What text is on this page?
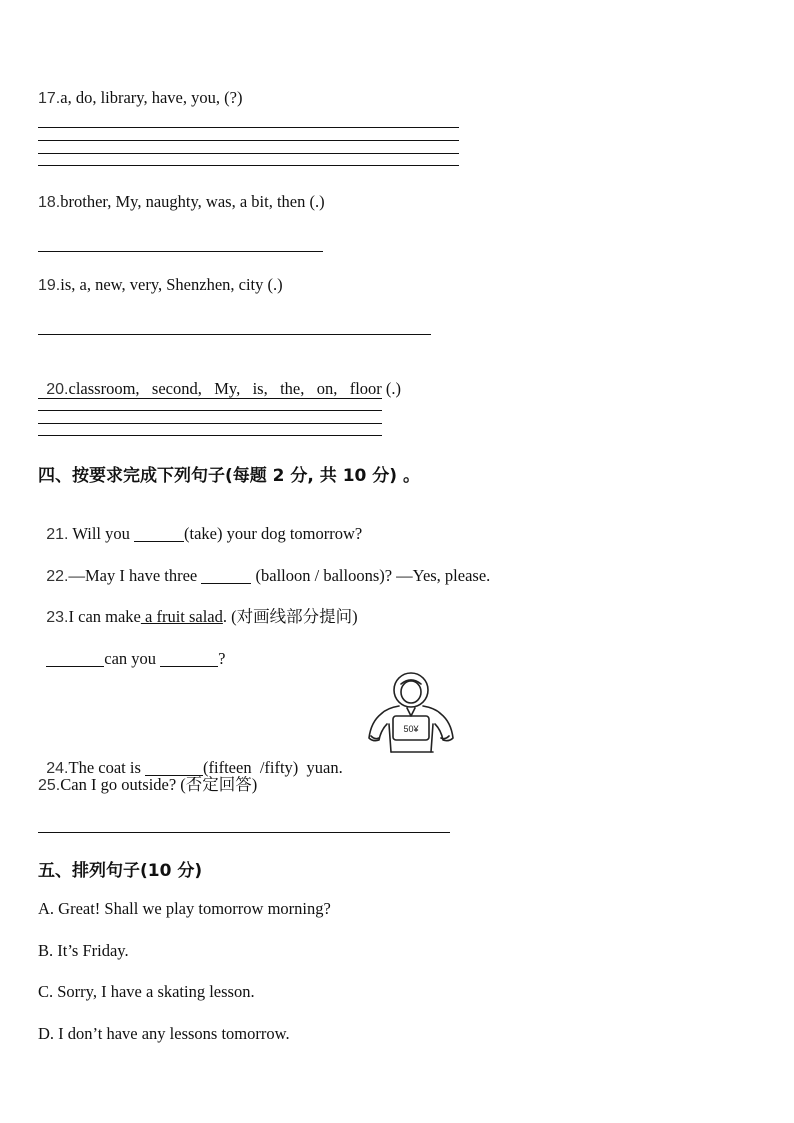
17.a, do, library, have, you, (?)
18.brother, My, naughty, was, a bit, then (.)
19.is, a, new, very, Shenzhen, city (.)

20.classroom,   second,   My,   is,   the,   on,   floor (.)

四、按要求完成下列句子(每题 2 分, 共 10 分) 。

21. Will you	(take) your dog tomorrow?

22.—May I have three	(balloon / balloons)? —Yes, please.

23.I can make a fruit salad. (对画线部分提问)

can you	?

50¥

24.The coat is	(fifteen  /fifty)  yuan.

25.Can I go outside? (否定回答)
五、排列句子(10 分)
A. Great! Shall we play tomorrow morning?
B. It’s Friday.
C. Sorry, I have a skating lesson.
D. I don’t have any lessons tomorrow.
